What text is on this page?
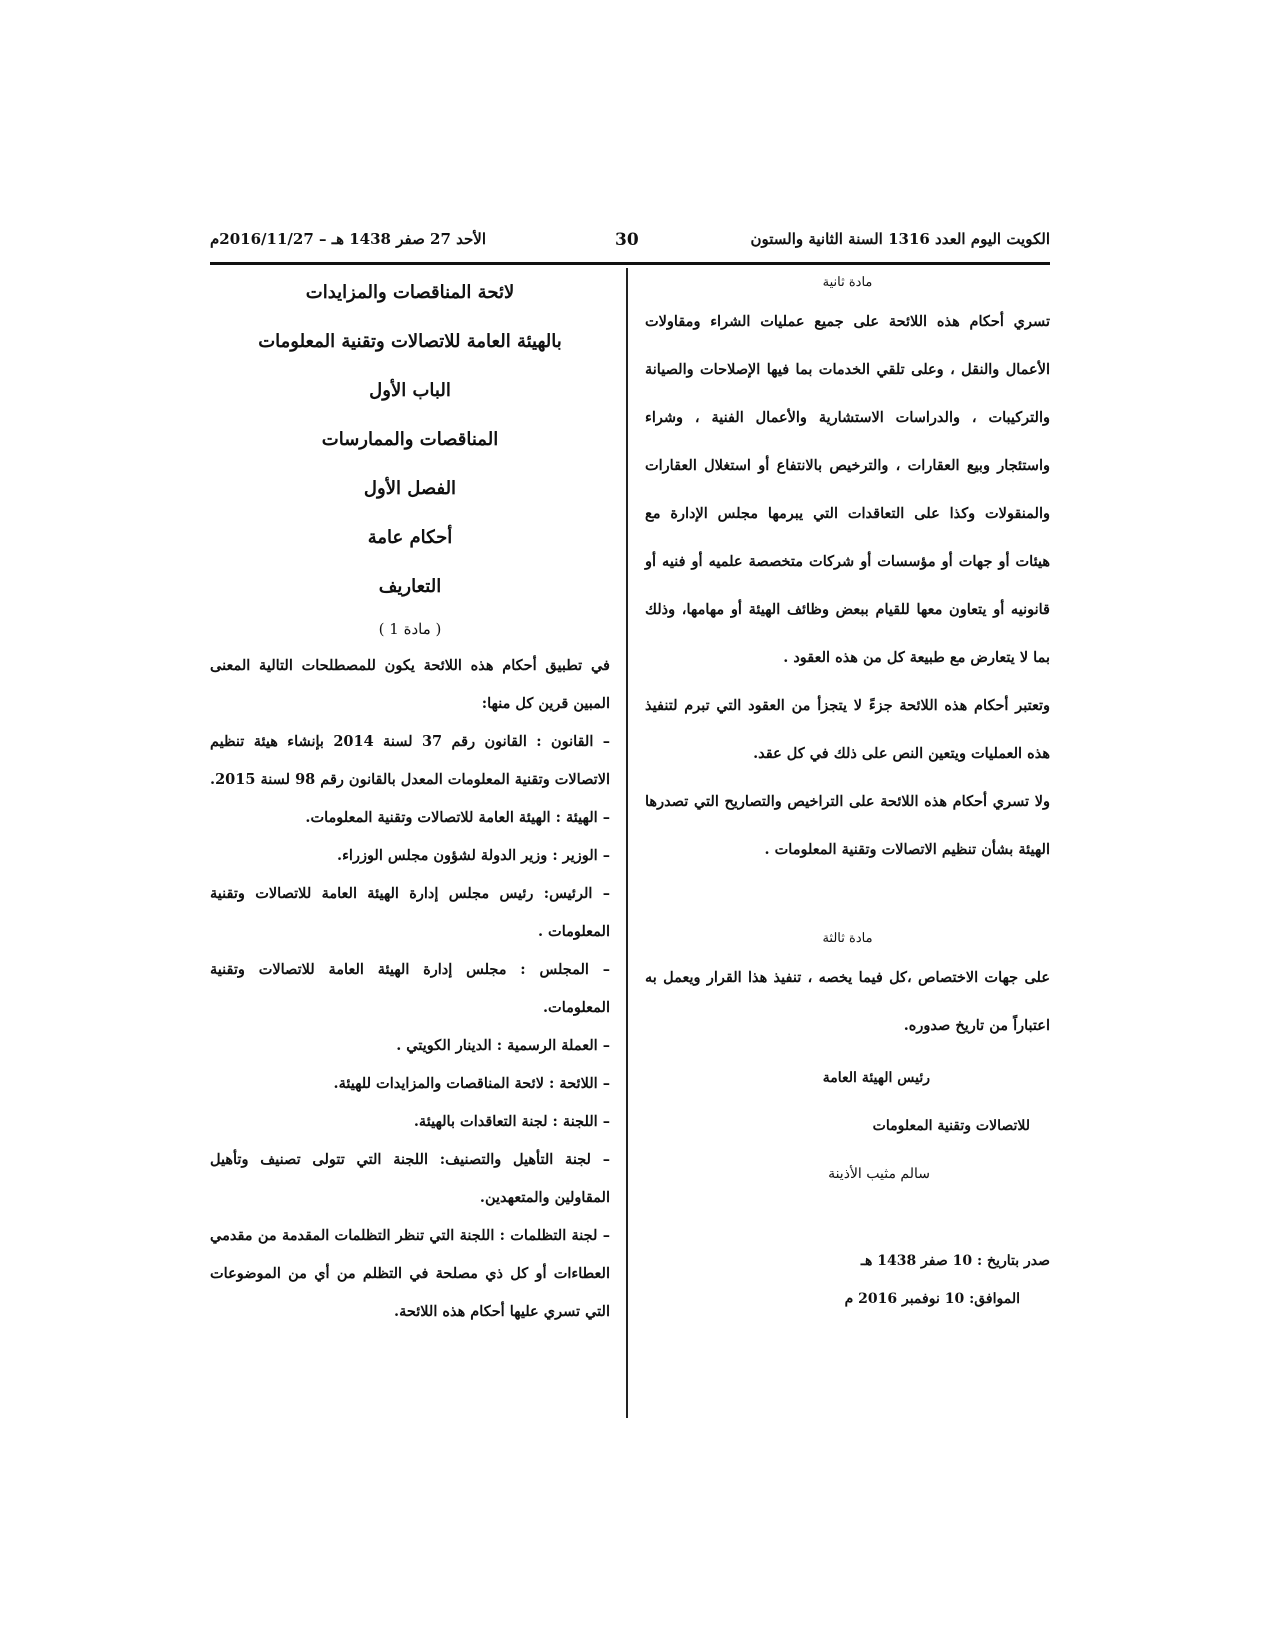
الأحد 27 صفر 1438 هـ – 2016/11/27م	30	الكويت اليوم العدد 1316 السنة الثانية والستون
لائحة المناقصات والمزايدات
بالهيئة العامة للاتصالات وتقنية المعلومات
الباب الأول
المناقصات والممارسات
الفصل الأول
أحكام عامة
التعاريف
( مادة 1 )
في تطبيق أحكام هذه اللائحة يكون للمصطلحات التالية المعنى المبين قرين كل منها:
– القانون : القانون رقم 37 لسنة 2014 بإنشاء هيئة تنظيم الاتصالات وتقنية المعلومات المعدل بالقانون رقم 98 لسنة 2015.
– الهيئة : الهيئة العامة للاتصالات وتقنية المعلومات.
– الوزير : وزير الدولة لشؤون مجلس الوزراء.
– الرئيس: رئيس مجلس إدارة الهيئة العامة للاتصالات وتقنية المعلومات .
– المجلس : مجلس إدارة الهيئة العامة للاتصالات وتقنية المعلومات.
– العملة الرسمية : الدينار الكويتي .
– اللائحة : لائحة المناقصات والمزايدات للهيئة.
– اللجنة : لجنة التعاقدات بالهيئة.
– لجنة التأهيل والتصنيف: اللجنة التي تتولى تصنيف وتأهيل المقاولين والمتعهدين.
– لجنة التظلمات : اللجنة التي تنظر التظلمات المقدمة من مقدمي العطاءات أو كل ذي مصلحة في التظلم من أي من الموضوعات التي تسري عليها أحكام هذه اللائحة.
مادة ثانية
تسري أحكام هذه اللائحة على جميع عمليات الشراء ومقاولات الأعمال والنقل ، وعلى تلقي الخدمات بما فيها الإصلاحات والصيانة والتركيبات ، والدراسات الاستشارية والأعمال الفنية ، وشراء واستئجار وبيع العقارات ، والترخيص بالانتفاع أو استغلال العقارات والمنقولات وكذا على التعاقدات التي يبرمها مجلس الإدارة مع هيئات أو جهات أو مؤسسات أو شركات متخصصة علميه أو فنيه أو قانونيه أو يتعاون معها للقيام ببعض وظائف الهيئة أو مهامها، وذلك بما لا يتعارض مع طبيعة كل من هذه العقود .
وتعتبر أحكام هذه اللائحة جزءً لا يتجزأ من العقود التي تبرم لتنفيذ هذه العمليات ويتعين النص على ذلك في كل عقد.
ولا تسري أحكام هذه اللائحة على التراخيص والتصاريح التي تصدرها الهيئة بشأن تنظيم الاتصالات وتقنية المعلومات .
مادة ثالثة
على جهات الاختصاص ،كل فيما يخصه ، تنفيذ هذا القرار ويعمل به اعتباراً من تاريخ صدوره.
رئيس الهيئة العامة
للاتصالات وتقنية المعلومات
سالم مثيب الأذينة
صدر بتاريخ : 10 صفر 1438 هـ
الموافق: 10 نوفمبر 2016 م
